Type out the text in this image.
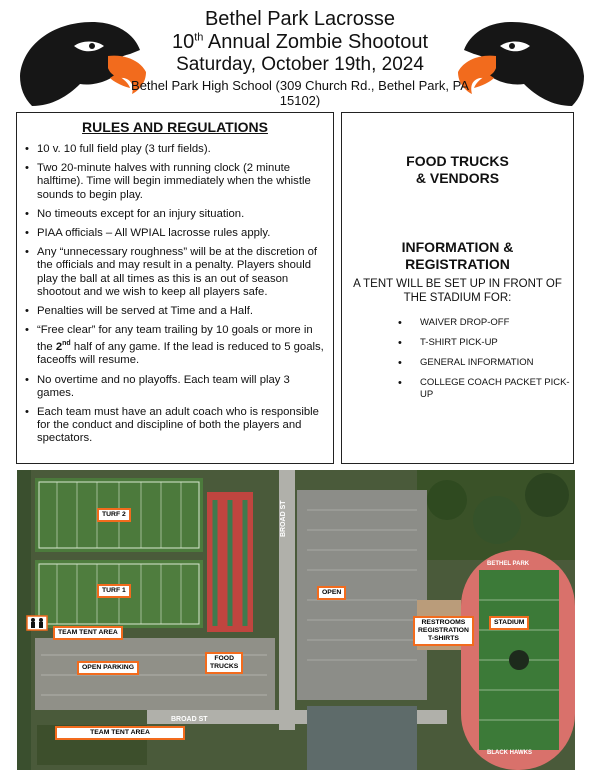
Bethel Park Lacrosse
10th Annual Zombie Shootout
Saturday, October 19th, 2024
Bethel Park High School (309 Church Rd., Bethel Park, PA 15102)
RULES AND REGULATIONS
• 10 v. 10 full field play (3 turf fields).
• Two 20-minute halves with running clock (2 minute halftime). Time will begin immediately when the whistle sounds to begin play.
• No timeouts except for an injury situation.
• PIAA officials – All WPIAL lacrosse rules apply.
• Any “unnecessary roughness” will be at the discretion of the officials and may result in a penalty. Players should play the ball at all times as this is an out of season shootout and we wish to keep all players safe.
• Penalties will be served at Time and a Half.
• “Free clear” for any team trailing by 10 goals or more in the 2nd half of any game. If the lead is reduced to 5 goals, faceoffs will resume.
• No overtime and no playoffs. Each team will play 3 games.
• Each team must have an adult coach who is responsible for the conduct and discipline of both the players and spectators.
FOOD TRUCKS
& VENDORS
INFORMATION &
REGISTRATION
A TENT WILL BE SET UP IN FRONT OF THE STADIUM FOR:
• WAIVER DROP-OFF
• T-SHIRT PICK-UP
• GENERAL INFORMATION
• COLLEGE COACH PACKET PICK-UP
BETHEL PARK
BLACK HAWKS
BROAD ST
BROAD ST
TURF 2
TURF 1	OPEN
RESTROOMS
REGISTRATION
T-SHIRTS
STADIUM
TEAM TENT AREA
OPEN PARKING
FOOD
TRUCKS
TEAM TENT AREA
